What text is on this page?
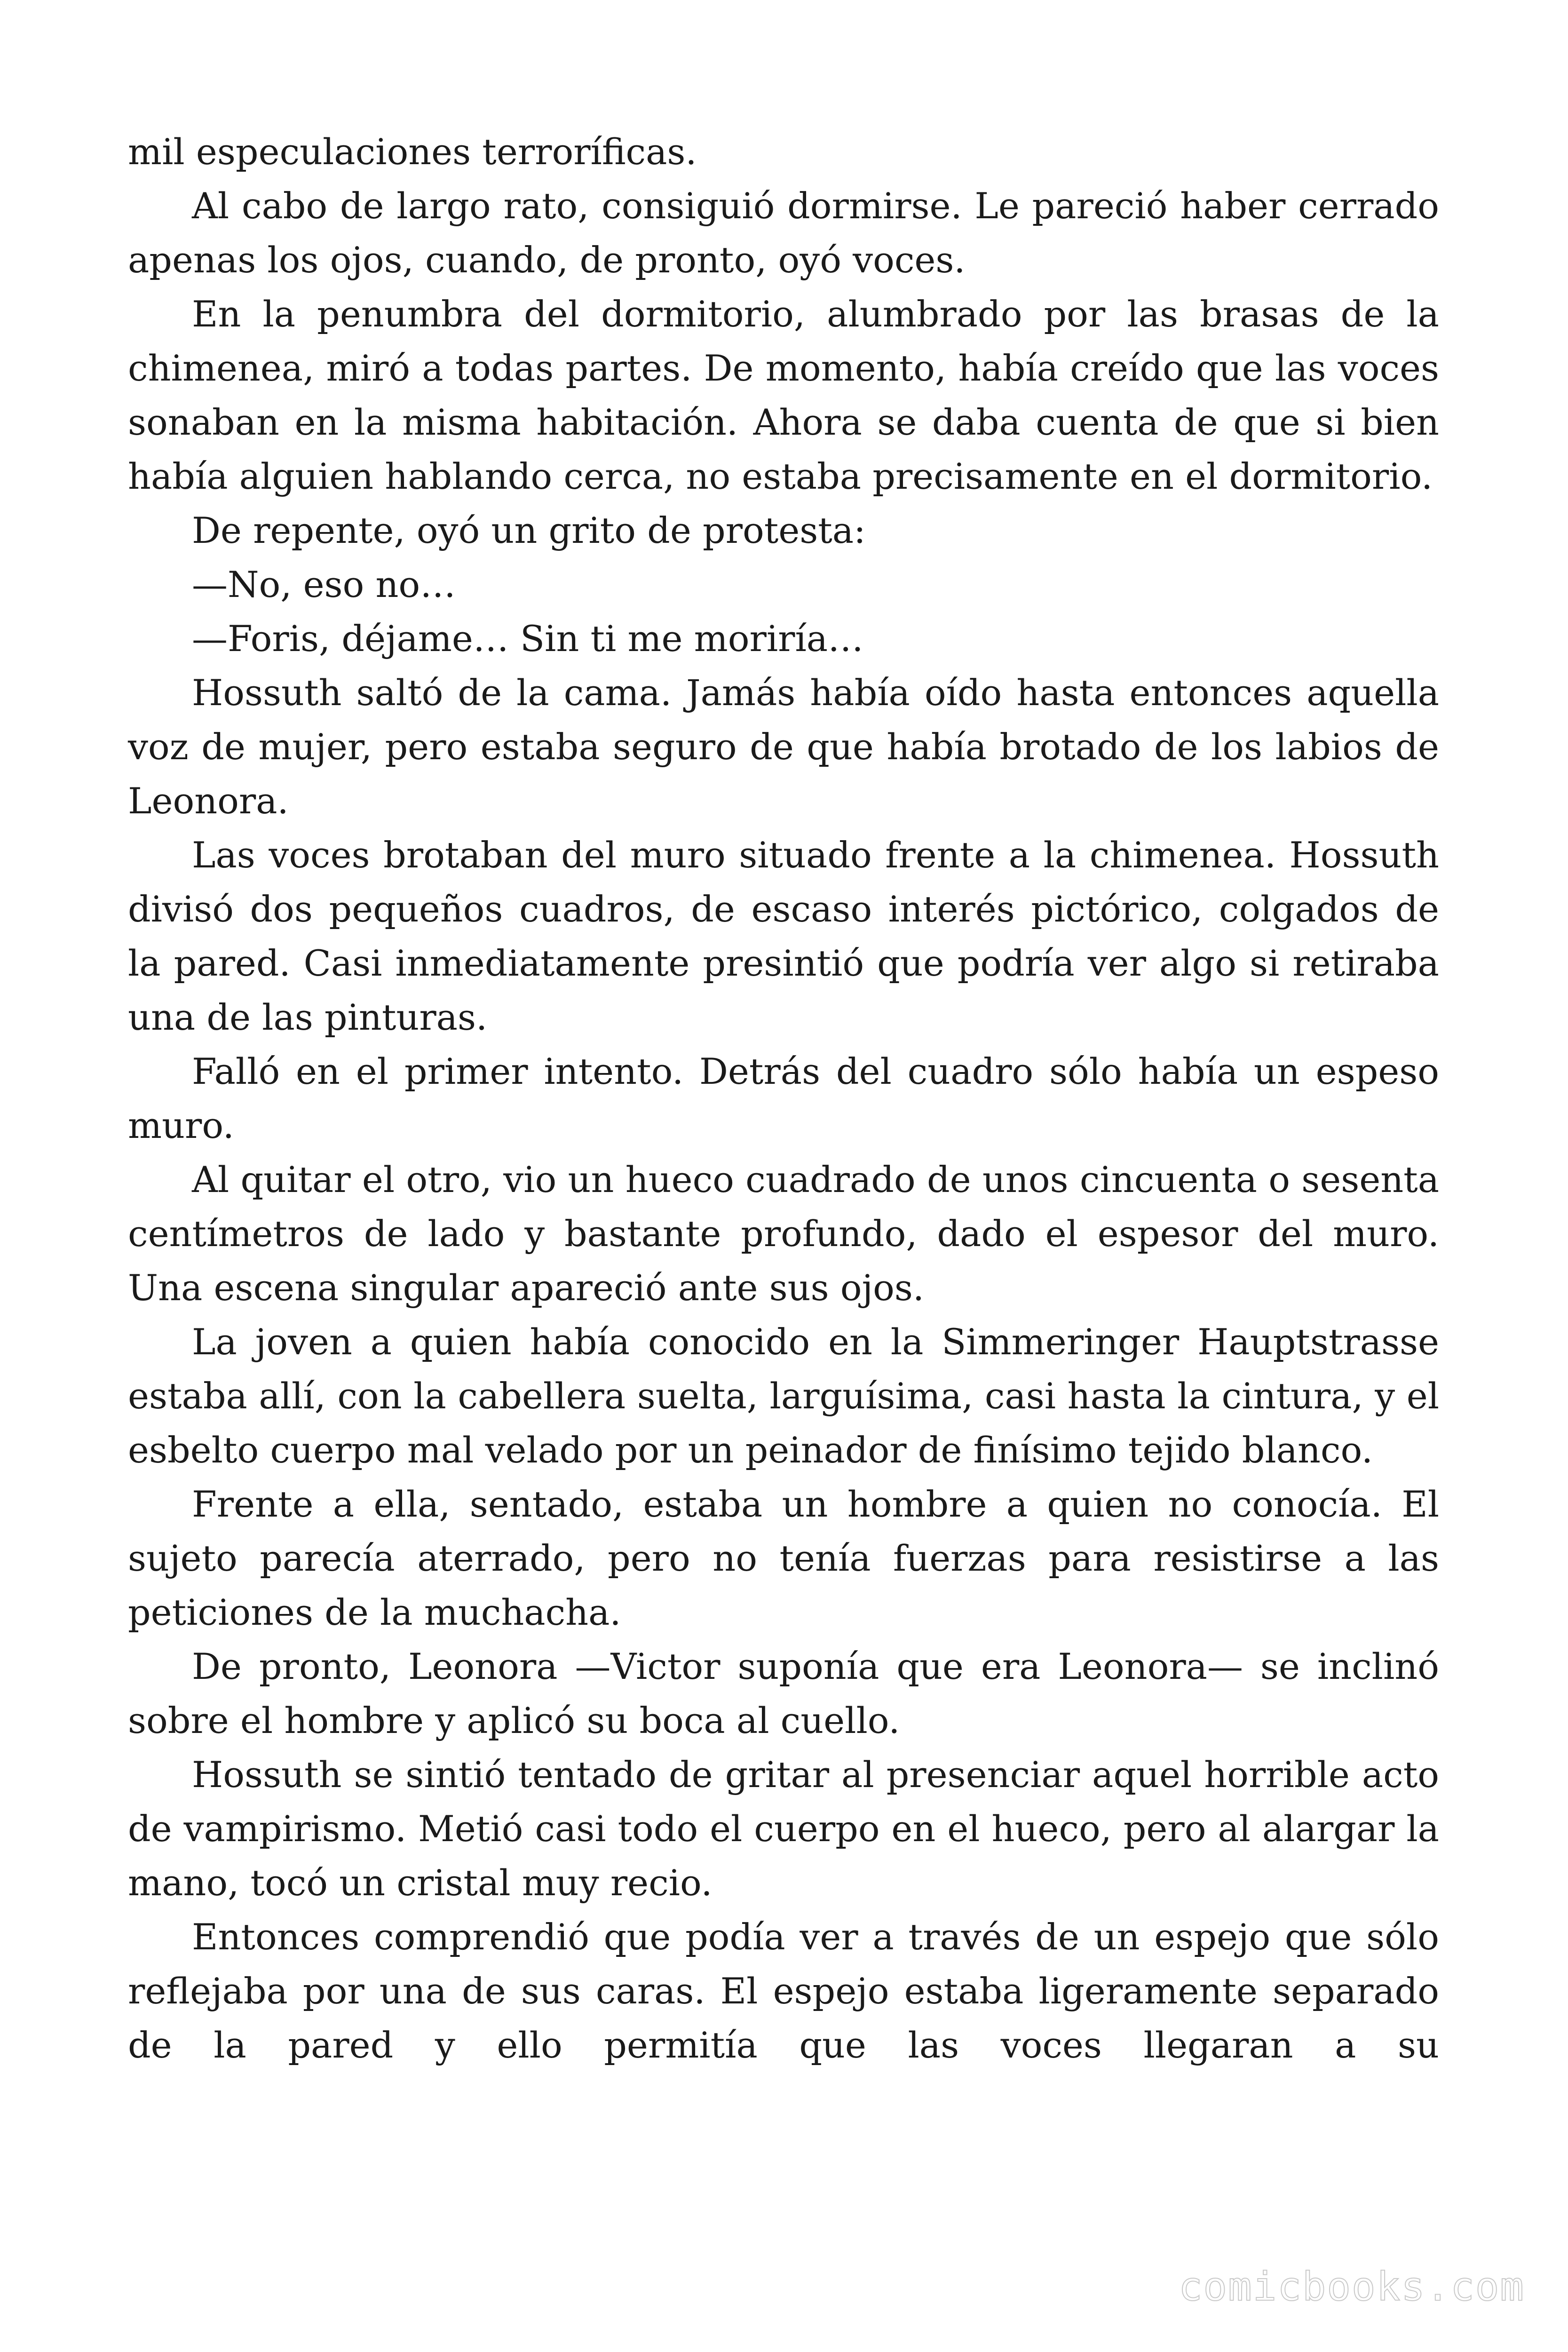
mil especulaciones terroríficas.

Al cabo de largo rato, consiguió dormirse. Le pareció haber cerrado apenas los ojos, cuando, de pronto, oyó voces.

En la penumbra del dormitorio, alumbrado por las brasas de la chimenea, miró a todas partes. De momento, había creído que las voces sonaban en la misma habitación. Ahora se daba cuenta de que si bien había alguien hablando cerca, no estaba precisamente en el dormitorio.

De repente, oyó un grito de protesta:

—No, eso no…

—Foris, déjame… Sin ti me moriría…

Hossuth saltó de la cama. Jamás había oído hasta entonces aquella voz de mujer, pero estaba seguro de que había brotado de los labios de Leonora.

Las voces brotaban del muro situado frente a la chimenea. Hossuth divisó dos pequeños cuadros, de escaso interés pictórico, colgados de la pared. Casi inmediatamente presintió que podría ver algo si retiraba una de las pinturas.

Falló en el primer intento. Detrás del cuadro sólo había un espeso muro.

Al quitar el otro, vio un hueco cuadrado de unos cincuenta o sesenta centímetros de lado y bastante profundo, dado el espesor del muro. Una escena singular apareció ante sus ojos.

La joven a quien había conocido en la Simmeringer Hauptstrasse estaba allí, con la cabellera suelta, larguísima, casi hasta la cintura, y el esbelto cuerpo mal velado por un peinador de finísimo tejido blanco.

Frente a ella, sentado, estaba un hombre a quien no conocía. El sujeto parecía aterrado, pero no tenía fuerzas para resistirse a las peticiones de la muchacha.

De pronto, Leonora —Victor suponía que era Leonora— se inclinó sobre el hombre y aplicó su boca al cuello.

Hossuth se sintió tentado de gritar al presenciar aquel horrible acto de vampirismo. Metió casi todo el cuerpo en el hueco, pero al alargar la mano, tocó un cristal muy recio.

Entonces comprendió que podía ver a través de un espejo que sólo reflejaba por una de sus caras. El espejo estaba ligeramente separado de la pared y ello permitía que las voces llegaran a su

comicbooks.com
